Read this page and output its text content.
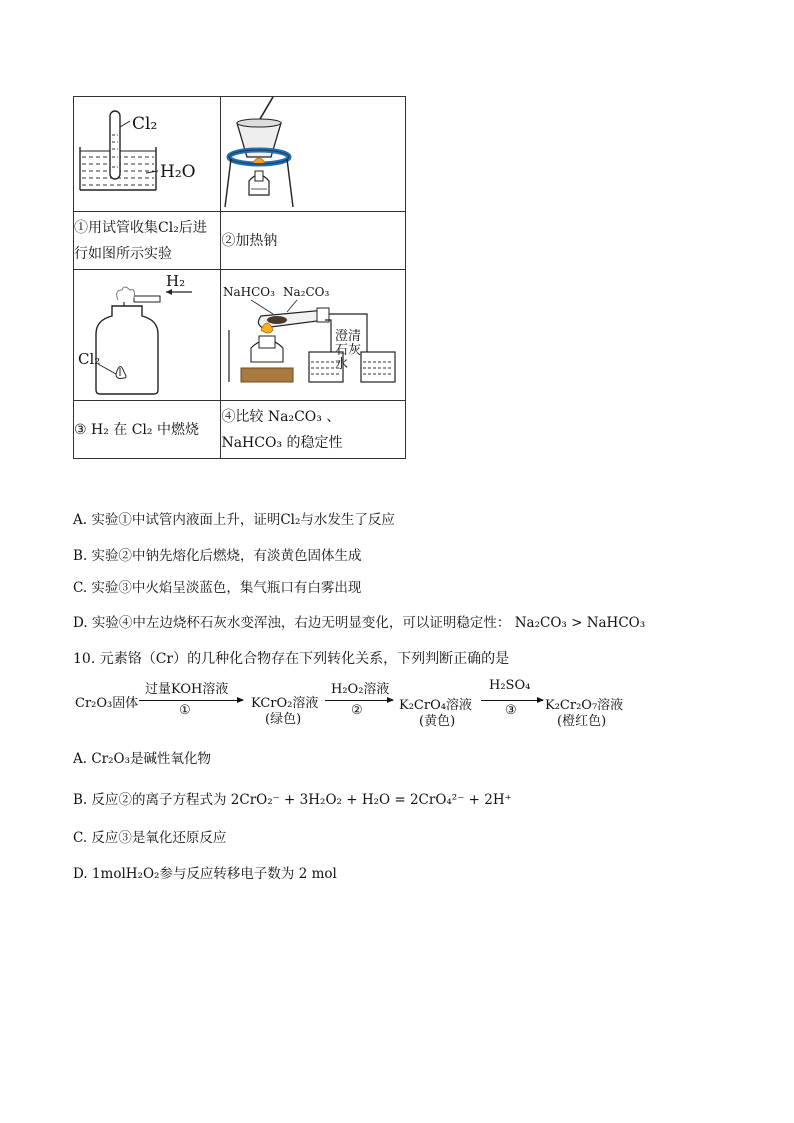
Cl₂
H₂O

①用试管收集Cl₂后进行如图所示实验	②加热钠

H₂
Cl₂	NaHCO₃ Na₂CO₃
澄清
石灰
水

③ H₂ 在 Cl₂ 中燃烧	④比较 Na₂CO₃ 、 NaHCO₃ 的稳定性
A. 实验①中试管内液面上升，证明Cl₂与水发生了反应
B. 实验②中钠先熔化后燃烧，有淡黄色固体生成
C. 实验③中火焰呈淡蓝色，集气瓶口有白雾出现
D. 实验④中左边烧杯石灰水变浑浊，右边无明显变化，可以证明稳定性： Na₂CO₃ > NaHCO₃
10. 元素铬（Cr）的几种化合物存在下列转化关系，下列判断正确的是
Cr₂O₃固体
过量KOH溶液
①	KCrO₂溶液
(绿色)
H₂O₂溶液
②	K₂CrO₄溶液
(黄色)
H₂SO₄
③ K₂Cr₂O₇溶液
(橙红色)
A. Cr₂O₃是碱性氧化物
B. 反应②的离子方程式为 2CrO₂⁻ + 3H₂O₂ + H₂O = 2CrO₄²⁻ + 2H⁺
C. 反应③是氧化还原反应
D. 1molH₂O₂参与反应转移电子数为 2 mol
